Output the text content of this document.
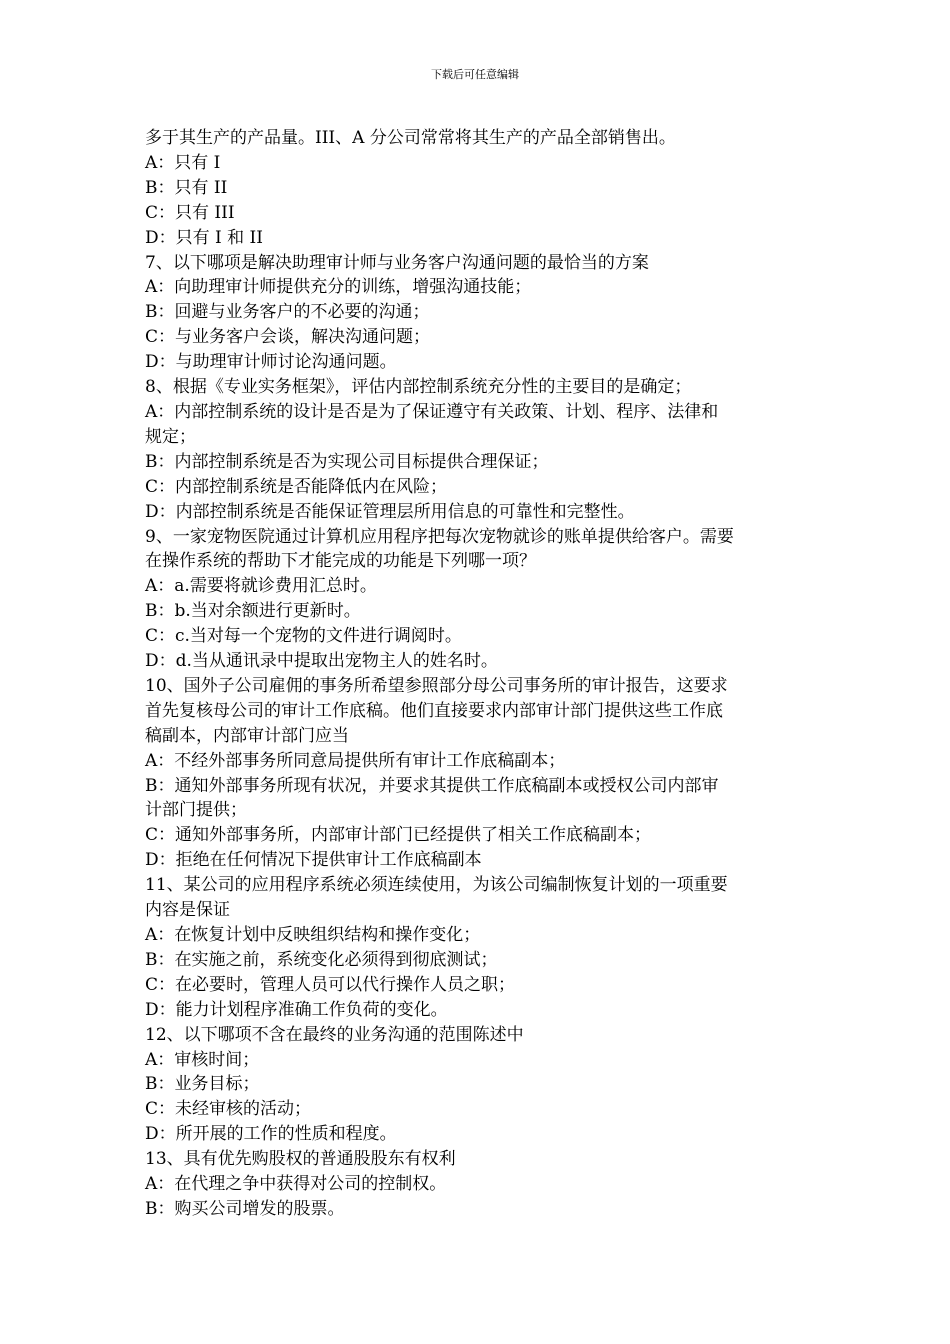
下载后可任意编辑
多于其生产的产品量。III、A 分公司常常将其生产的产品全部销售出。
A：只有 I
B：只有 II
C：只有 III
D：只有 I 和 II
7、以下哪项是解决助理审计师与业务客户沟通问题的最恰当的方案
A：向助理审计师提供充分的训练，增强沟通技能；
B：回避与业务客户的不必要的沟通；
C：与业务客户会谈，解决沟通问题；
D：与助理审计师讨论沟通问题。
8、根据《专业实务框架》，评估内部控制系统充分性的主要目的是确定；
A：内部控制系统的设计是否是为了保证遵守有关政策、计划、程序、法律和
规定；
B：内部控制系统是否为实现公司目标提供合理保证；
C：内部控制系统是否能降低内在风险；
D：内部控制系统是否能保证管理层所用信息的可靠性和完整性。
9、一家宠物医院通过计算机应用程序把每次宠物就诊的账单提供给客户。需要
在操作系统的帮助下才能完成的功能是下列哪一项？
A：a.需要将就诊费用汇总时。
B：b.当对余额进行更新时。
C：c.当对每一个宠物的文件进行调阅时。
D：d.当从通讯录中提取出宠物主人的姓名时。
10、国外子公司雇佣的事务所希望参照部分母公司事务所的审计报告，这要求
首先复核母公司的审计工作底稿。他们直接要求内部审计部门提供这些工作底
稿副本，内部审计部门应当
A：不经外部事务所同意局提供所有审计工作底稿副本；
B：通知外部事务所现有状况，并要求其提供工作底稿副本或授权公司内部审
计部门提供；
C：通知外部事务所，内部审计部门已经提供了相关工作底稿副本；
D：拒绝在任何情况下提供审计工作底稿副本
11、某公司的应用程序系统必须连续使用，为该公司编制恢复计划的一项重要
内容是保证
A：在恢复计划中反映组织结构和操作变化；
B：在实施之前，系统变化必须得到彻底测试；
C：在必要时，管理人员可以代行操作人员之职；
D：能力计划程序准确工作负荷的变化。
12、以下哪项不含在最终的业务沟通的范围陈述中
A：审核时间；
B：业务目标；
C：未经审核的活动；
D：所开展的工作的性质和程度。
13、具有优先购股权的普通股股东有权利
A：在代理之争中获得对公司的控制权。
B：购买公司增发的股票。
